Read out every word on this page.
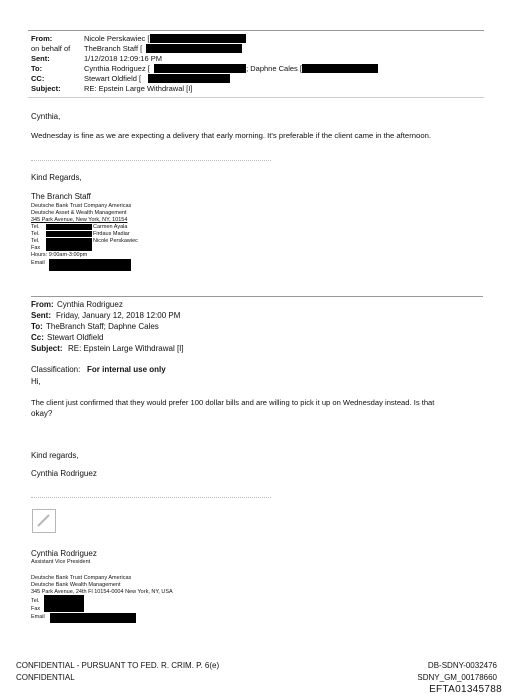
From:	Nicole Perskawiec [
on behalf of TheBranch Staff [
Sent:	1/12/2018 12:09:16 PM
To:	Cynthia Rodriguez [	]; Daphne Cales [
CC:	Stewart Oldfield [
Subject:	RE: Epstein Large Withdrawal [I]
Cynthia,
Wednesday is fine as we are expecting a delivery that early morning. It's preferable if the client came in the afternoon.
Kind Regards,
The Branch Staff
Deutsche Bank Trust Company Americas
Deutsche Asset & Wealth Management
345 Park Avenue, New York, NY, 10154
Tel.	Carmen Ayala
Tel.	Firdaus Madiar
Tel.	Nicole Perskawiec
Fax
Hours: 9:00am-3:00pm
Email
From: Cynthia Rodriguez
Sent: Friday, January 12, 2018 12:00 PM
To: TheBranch Staff; Daphne Cales
Cc: Stewart Oldfield
Subject: RE: Epstein Large Withdrawal [I]
Classification: For internal use only
Hi,
The client just confirmed that they would prefer 100 dollar bills and are willing to pick it up on Wednesday instead. Is that
okay?
Kind regards,
Cynthia Rodriguez
Cynthia Rodriguez
Assistant Vice President
Deutsche Bank Trust Company Americas
Deutsche Bank Wealth Management
345 Park Avenue, 24th Fl 10154-0004 New York, NY, USA
Tel.
Fax
Email
CONFIDENTIAL - PURSUANT TO FED. R. CRIM. P. 6(e)
CONFIDENTIAL
DB-SDNY-0032476
SDNY_GM_00178660
EFTA01345788
